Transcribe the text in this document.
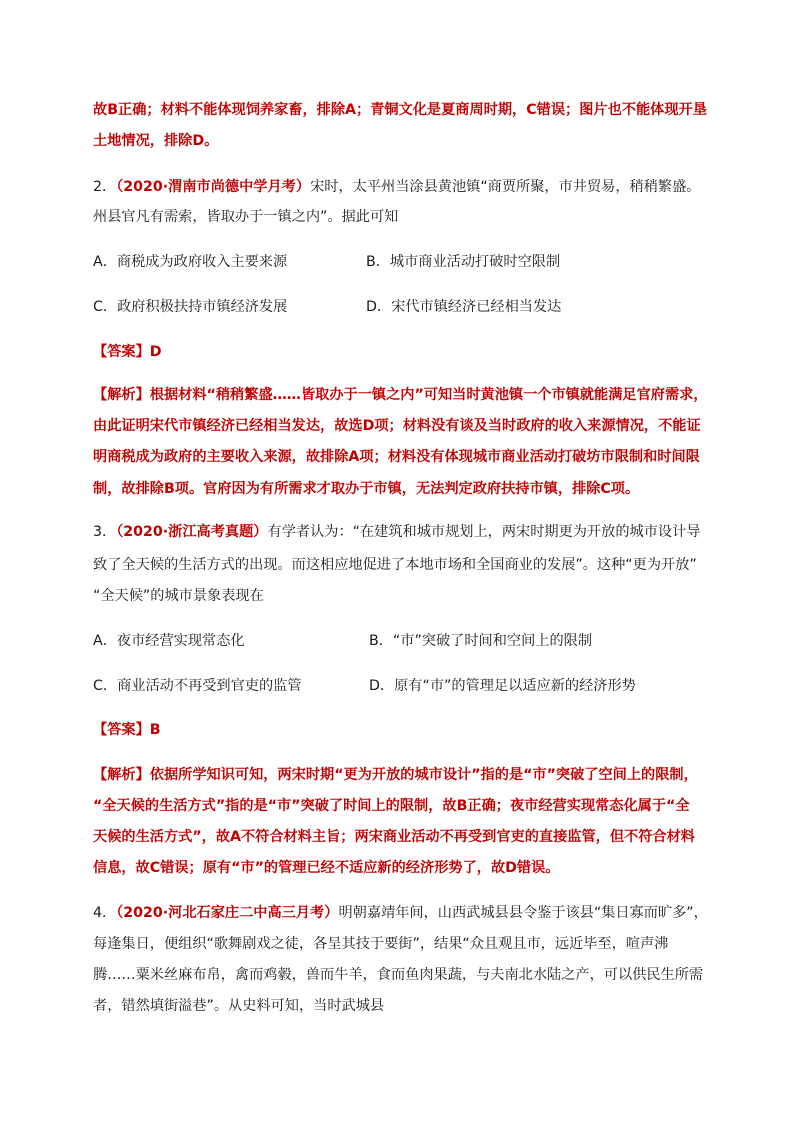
故B正确；材料不能体现饲养家畜，排除A；青铜文化是夏商周时期，C错误；图片也不能体现开垦
土地情况，排除D。
2．（2020·渭南市尚德中学月考）宋时，太平州当涂县黄池镇“商贾所聚，市井贸易，稍稍繁盛。
州县官凡有需索，皆取办于一镇之内”。据此可知
A．商税成为政府收入主要来源	B．城市商业活动打破时空限制
C．政府积极扶持市镇经济发展	D．宋代市镇经济已经相当发达
【答案】D
【解析】根据材料“稍稍繁盛……皆取办于一镇之内”可知当时黄池镇一个市镇就能满足官府需求，
由此证明宋代市镇经济已经相当发达，故选D项；材料没有谈及当时政府的收入来源情况，不能证
明商税成为政府的主要收入来源，故排除A项；材料没有体现城市商业活动打破坊市限制和时间限
制，故排除B项。官府因为有所需求才取办于市镇，无法判定政府扶持市镇，排除C项。
3．（2020·浙江高考真题）有学者认为：“在建筑和城市规划上，两宋时期更为开放的城市设计导
致了全天候的生活方式的出现。而这相应地促进了本地市场和全国商业的发展”。这种“更为开放”
“全天候”的城市景象表现在
A．夜市经营实现常态化	B．“市”突破了时间和空间上的限制
C．商业活动不再受到官吏的监管	D．原有“市”的管理足以适应新的经济形势
【答案】B
【解析】依据所学知识可知，两宋时期“更为开放的城市设计”指的是“市”突破了空间上的限制，
“全天候的生活方式”指的是“市”突破了时间上的限制，故B正确；夜市经营实现常态化属于“全
天候的生活方式”，故A不符合材料主旨；两宋商业活动不再受到官吏的直接监管，但不符合材料
信息，故C错误；原有“市”的管理已经不适应新的经济形势了，故D错误。
4．（2020·河北石家庄二中高三月考）明朝嘉靖年间，山西武城县县令鉴于该县“集日寡而旷多”，
每逢集日，便组织“歌舞剧戏之徒，各呈其技于要街”，结果“众且观且市，远近毕至，喧声沸
腾……粟米丝麻布帛，禽而鸡豰，兽而牛羊，食而鱼肉果蔬，与夫南北水陆之产，可以供民生所需
者，错然填街溢巷”。从史料可知，当时武城县
